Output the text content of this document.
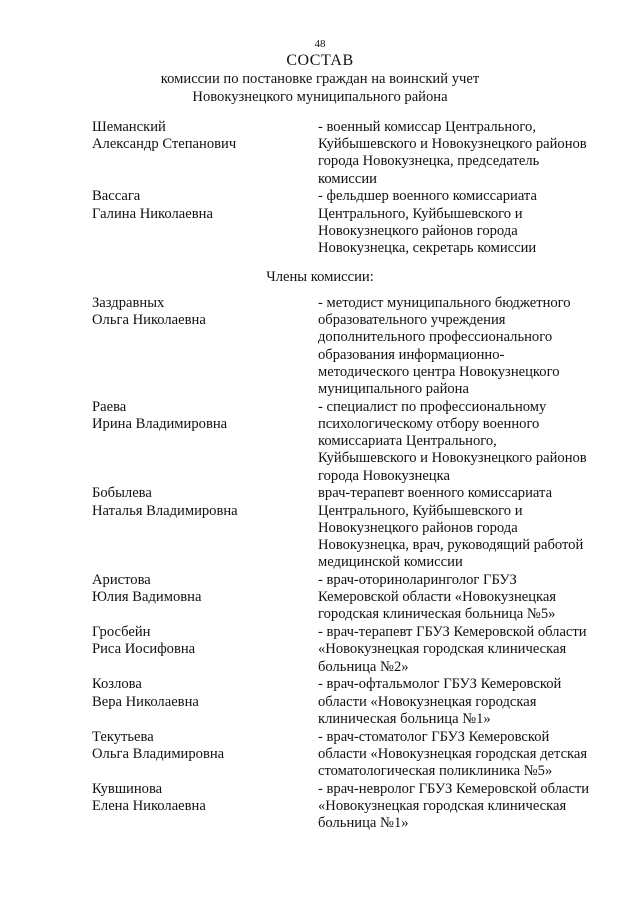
48
СОСТАВ
комиссии по постановке граждан на воинский учет
Новокузнецкого муниципального района
Шеманский
Александр Степанович
- военный комиссар Центрального,
Куйбышевского и Новокузнецкого районов
города Новокузнецка, председатель
комиссии
Вассага
Галина Николаевна
- фельдшер военного комиссариата
Центрального, Куйбышевского и
Новокузнецкого районов города
Новокузнецка, секретарь комиссии
Члены комиссии:
Заздравных
Ольга Николаевна
- методист муниципального бюджетного
образовательного учреждения
дополнительного профессионального
образования информационно-
методического центра Новокузнецкого
муниципального района
Раева
Ирина Владимировна
- специалист по профессиональному
психологическому отбору военного
комиссариата Центрального,
Куйбышевского и Новокузнецкого районов
города Новокузнецка
Бобылева
Наталья Владимировна
врач-терапевт военного комиссариата
Центрального, Куйбышевского и
Новокузнецкого районов города
Новокузнецка, врач, руководящий работой
медицинской комиссии
Аристова
Юлия Вадимовна
- врач-оториноларинголог ГБУЗ
Кемеровской области «Новокузнецкая
городская клиническая больница №5»
Гросбейн
Риса Иосифовна
- врач-терапевт ГБУЗ Кемеровской области
«Новокузнецкая городская клиническая
больница №2»
Козлова
Вера Николаевна
- врач-офтальмолог ГБУЗ Кемеровской
области «Новокузнецкая городская
клиническая больница №1»
Текутьева
Ольга Владимировна
- врач-стоматолог ГБУЗ Кемеровской
области «Новокузнецкая городская детская
стоматологическая поликлиника №5»
Кувшинова
Елена Николаевна
- врач-невролог ГБУЗ Кемеровской области
«Новокузнецкая городская клиническая
больница №1»
